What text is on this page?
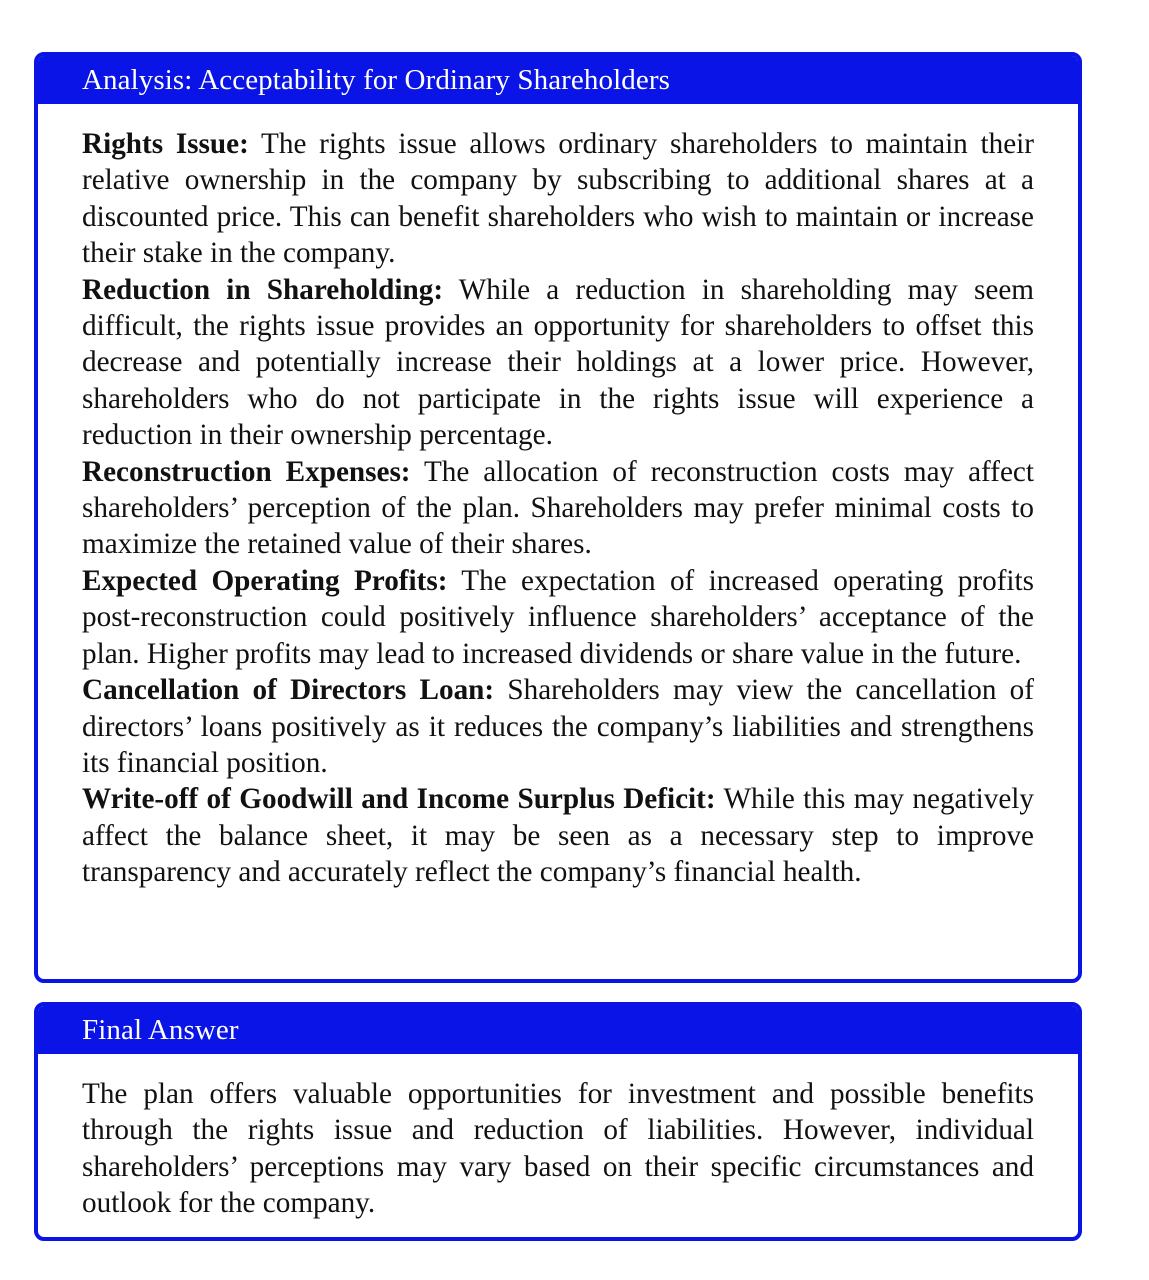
Analysis: Acceptability for Ordinary Shareholders

Rights Issue: The rights issue allows ordinary shareholders to maintain their relative ownership in the company by subscribing to additional shares at a discounted price. This can benefit shareholders who wish to maintain or increase their stake in the company.

Reduction in Shareholding: While a reduction in shareholding may seem difficult, the rights issue provides an opportunity for shareholders to offset this decrease and potentially increase their holdings at a lower price. However, shareholders who do not participate in the rights issue will experience a reduction in their ownership percentage.

Reconstruction Expenses: The allocation of reconstruction costs may affect shareholders’ perception of the plan. Shareholders may prefer minimal costs to maximize the retained value of their shares.

Expected Operating Profits: The expectation of increased operating profits post-reconstruction could positively influence shareholders’ acceptance of the plan. Higher profits may lead to increased dividends or share value in the future.

Cancellation of Directors Loan: Shareholders may view the cancellation of directors’ loans positively as it reduces the company’s liabilities and strengthens its financial position.

Write-off of Goodwill and Income Surplus Deficit: While this may negatively affect the balance sheet, it may be seen as a necessary step to improve transparency and accurately reflect the company’s financial health.

Final Answer

The plan offers valuable opportunities for investment and possible benefits through the rights issue and reduction of liabilities. However, individual shareholders’ perceptions may vary based on their specific circumstances and outlook for the company.
